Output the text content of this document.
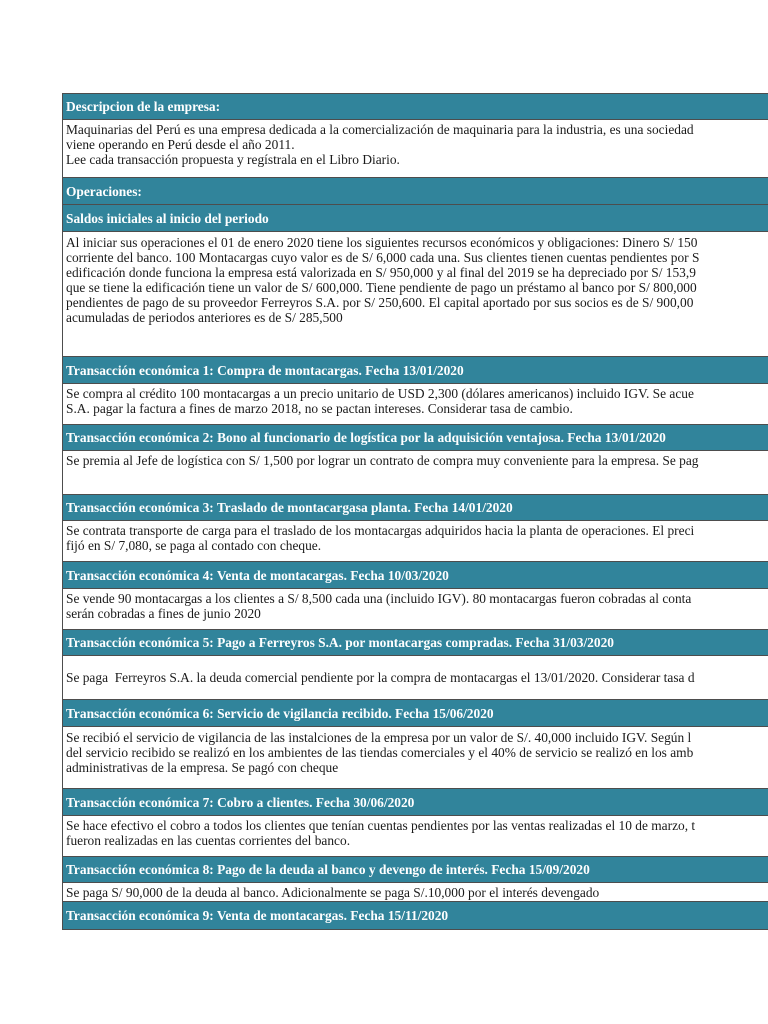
Descripcion de la empresa:
Maquinarias del Perú es una empresa dedicada a la comercialización de maquinaria para la industria, es una sociedad
viene operando en Perú desde el año 2011.
Lee cada transacción propuesta y regístrala en el Libro Diario.
Operaciones:
Saldos iniciales al inicio del periodo
Al iniciar sus operaciones el 01 de enero 2020 tiene los siguientes recursos económicos y obligaciones: Dinero S/ 150
corriente del banco. 100 Montacargas cuyo valor es de S/ 6,000 cada una. Sus clientes tienen cuentas pendientes por S
edificación donde funciona la empresa está valorizada en S/ 950,000 y al final del 2019 se ha depreciado por S/ 153,9
que se tiene la edificación tiene un valor de S/ 600,000. Tiene pendiente de pago un préstamo al banco por S/ 800,000
pendientes de pago de su proveedor Ferreyros S.A. por S/ 250,600. El capital aportado por sus socios es de S/ 900,00
acumuladas de periodos anteriores es de S/ 285,500
Transacción económica 1: Compra de montacargas. Fecha 13/01/2020
Se compra al crédito 100 montacargas a un precio unitario de USD 2,300 (dólares americanos) incluido IGV. Se acue
S.A. pagar la factura a fines de marzo 2018, no se pactan intereses. Considerar tasa de cambio.
Transacción económica 2: Bono al funcionario de logística por la adquisición ventajosa. Fecha 13/01/2020
Se premia al Jefe de logística con S/ 1,500 por lograr un contrato de compra muy conveniente para la empresa. Se pag
Transacción económica 3: Traslado de montacargasa planta. Fecha 14/01/2020
Se contrata transporte de carga para el traslado de los montacargas adquiridos hacia la planta de operaciones. El preci
fijó en S/ 7,080, se paga al contado con cheque.
Transacción económica 4: Venta de montacargas. Fecha 10/03/2020
Se vende 90 montacargas a los clientes a S/ 8,500 cada una (incluido IGV). 80 montacargas fueron cobradas al conta
serán cobradas a fines de junio 2020
Transacción económica 5: Pago a Ferreyros S.A. por montacargas compradas. Fecha 31/03/2020
Se paga  Ferreyros S.A. la deuda comercial pendiente por la compra de montacargas el 13/01/2020. Considerar tasa d
Transacción económica 6: Servicio de vigilancia recibido. Fecha 15/06/2020
Se recibió el servicio de vigilancia de las instalciones de la empresa por un valor de S/. 40,000 incluido IGV. Según l
del servicio recibido se realizó en los ambientes de las tiendas comerciales y el 40% de servicio se realizó en los amb
administrativas de la empresa. Se pagó con cheque
Transacción económica 7: Cobro a clientes. Fecha 30/06/2020
Se hace efectivo el cobro a todos los clientes que tenían cuentas pendientes por las ventas realizadas el 10 de marzo, t
fueron realizadas en las cuentas corrientes del banco.
Transacción económica 8: Pago de la deuda al banco y devengo de interés. Fecha 15/09/2020
Se paga S/ 90,000 de la deuda al banco. Adicionalmente se paga S/.10,000 por el interés devengado
Transacción económica 9: Venta de montacargas. Fecha 15/11/2020
